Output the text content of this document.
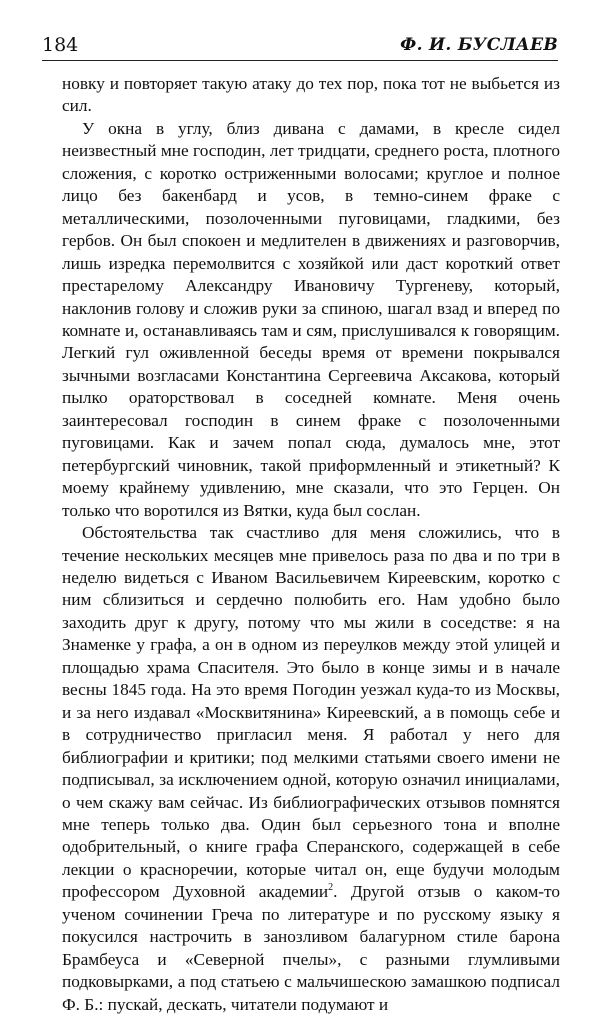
184	Ф. И. БУСЛАЕВ

новку и повторяет такую атаку до тех пор, пока тот не выбьется из сил.

У окна в углу, близ дивана с дамами, в кресле сидел неизвестный мне господин, лет тридцати, среднего роста, плотного сложения, с коротко остриженными волосами; круглое и полное лицо без бакенбард и усов, в темно-синем фраке с металлическими, позолоченными пуговицами, гладкими, без гербов. Он был спокоен и медлителен в движениях и разговорчив, лишь изредка перемолвится с хозяйкой или даст короткий ответ престарелому Александру Ивановичу Тургеневу, который, наклонив голову и сложив руки за спиною, шагал взад и вперед по комнате и, останавливаясь там и сям, прислушивался к говорящим. Легкий гул оживленной беседы время от времени покрывался зычными возгласами Константина Сергеевича Аксакова, который пылко ораторствовал в соседней комнате. Меня очень заинтересовал господин в синем фраке с позолоченными пуговицами. Как и зачем попал сюда, думалось мне, этот петербургский чиновник, такой приформленный и этикетный? К моему крайнему удивлению, мне сказали, что это Герцен. Он только что воротился из Вятки, куда был сослан.

Обстоятельства так счастливо для меня сложились, что в течение нескольких месяцев мне привелось раза по два и по три в неделю видеться с Иваном Васильевичем Киреевским, коротко с ним сблизиться и сердечно полюбить его. Нам удобно было заходить друг к другу, потому что мы жили в соседстве: я на Знаменке у графа, а он в одном из переулков между этой улицей и площадью храма Спасителя. Это было в конце зимы и в начале весны 1845 года. На это время Погодин уезжал куда-то из Москвы, и за него издавал «Москвитянина» Киреевский, а в помощь себе и в сотрудничество пригласил меня. Я работал у него для библиографии и критики; под мелкими статьями своего имени не подписывал, за исключением одной, которую означил инициалами, о чем скажу вам сейчас. Из библиографических отзывов помнятся мне теперь только два. Один был серьезного тона и вполне одобрительный, о книге графа Сперанского, содержащей в себе лекции о красноречии, которые читал он, еще будучи молодым профессором Духовной академии$^2$. Другой отзыв о каком-то ученом сочинении Греча по литературе и по русскому языку я покусился настрочить в занозливом балагурном стиле барона Брамбеуса и «Северной пчелы», с разными глумливыми подковырками, а под статьею с мальчишескою замашкою подписал Ф. Б.: пускай, дескать, читатели подумают и
